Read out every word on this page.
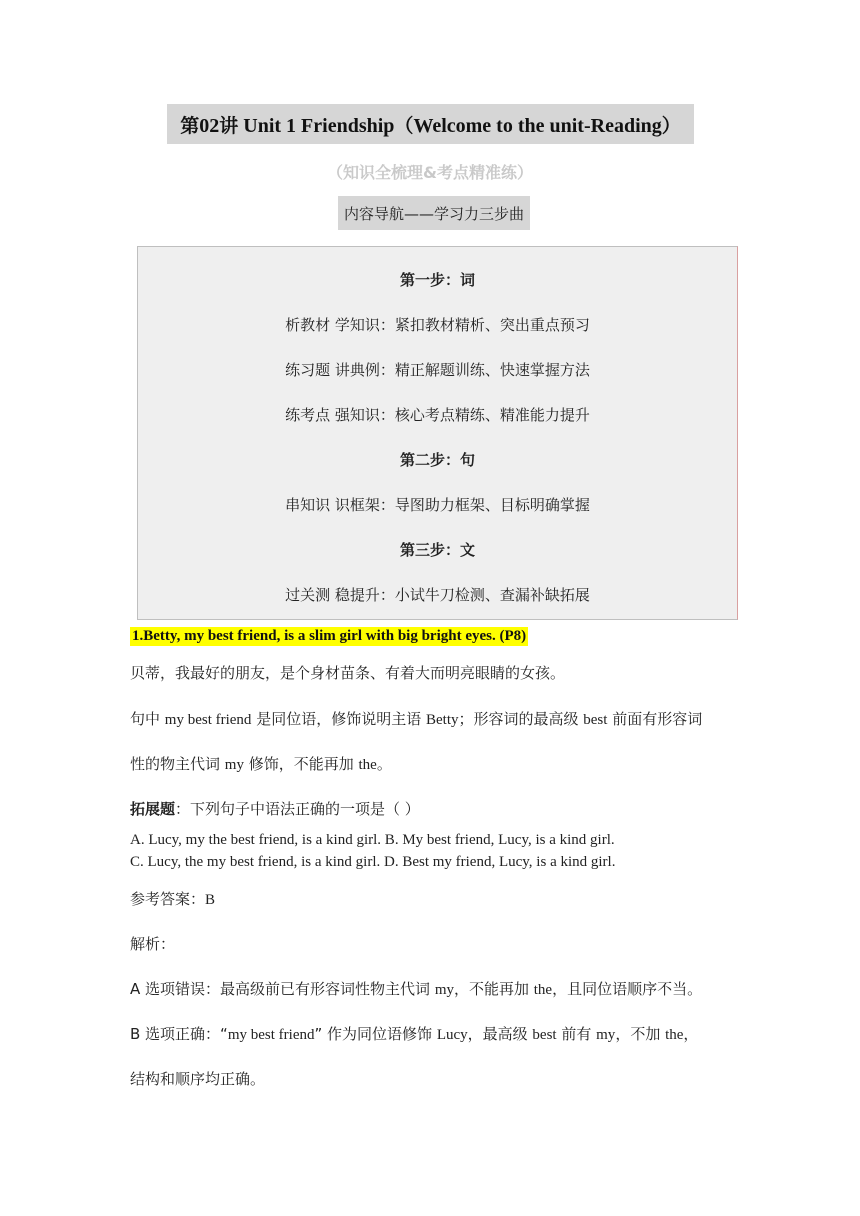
第02讲 Unit 1 Friendship（Welcome to the unit-Reading）
（知识全梳理&考点精准练）
内容导航——学习力三步曲
第一步：词
析教材 学知识：紧扣教材精析、突出重点预习
练习题 讲典例：精正解题训练、快速掌握方法
练考点 强知识：核心考点精练、精准能力提升
第二步：句
串知识 识框架：导图助力框架、目标明确掌握
第三步：文
过关测 稳提升：小试牛刀检测、查漏补缺拓展
1.Betty, my best friend, is a slim girl with big bright eyes. (P8)
贝蒂，我最好的朋友，是个身材苗条、有着大而明亮眼睛的女孩。
句中 my best friend 是同位语，修饰说明主语 Betty；形容词的最高级 best 前面有形容词
性的物主代词 my 修饰，不能再加 the。
拓展题：下列句子中语法正确的一项是（ ）
A. Lucy, my the best friend, is a kind girl. B. My best friend, Lucy, is a kind girl.
C. Lucy, the my best friend, is a kind girl. D. Best my friend, Lucy, is a kind girl.
参考答案：B
解析：
A 选项错误：最高级前已有形容词性物主代词 my，不能再加 the，且同位语顺序不当。
B 选项正确：“my best friend” 作为同位语修饰 Lucy，最高级 best 前有 my，不加 the，
结构和顺序均正确。
